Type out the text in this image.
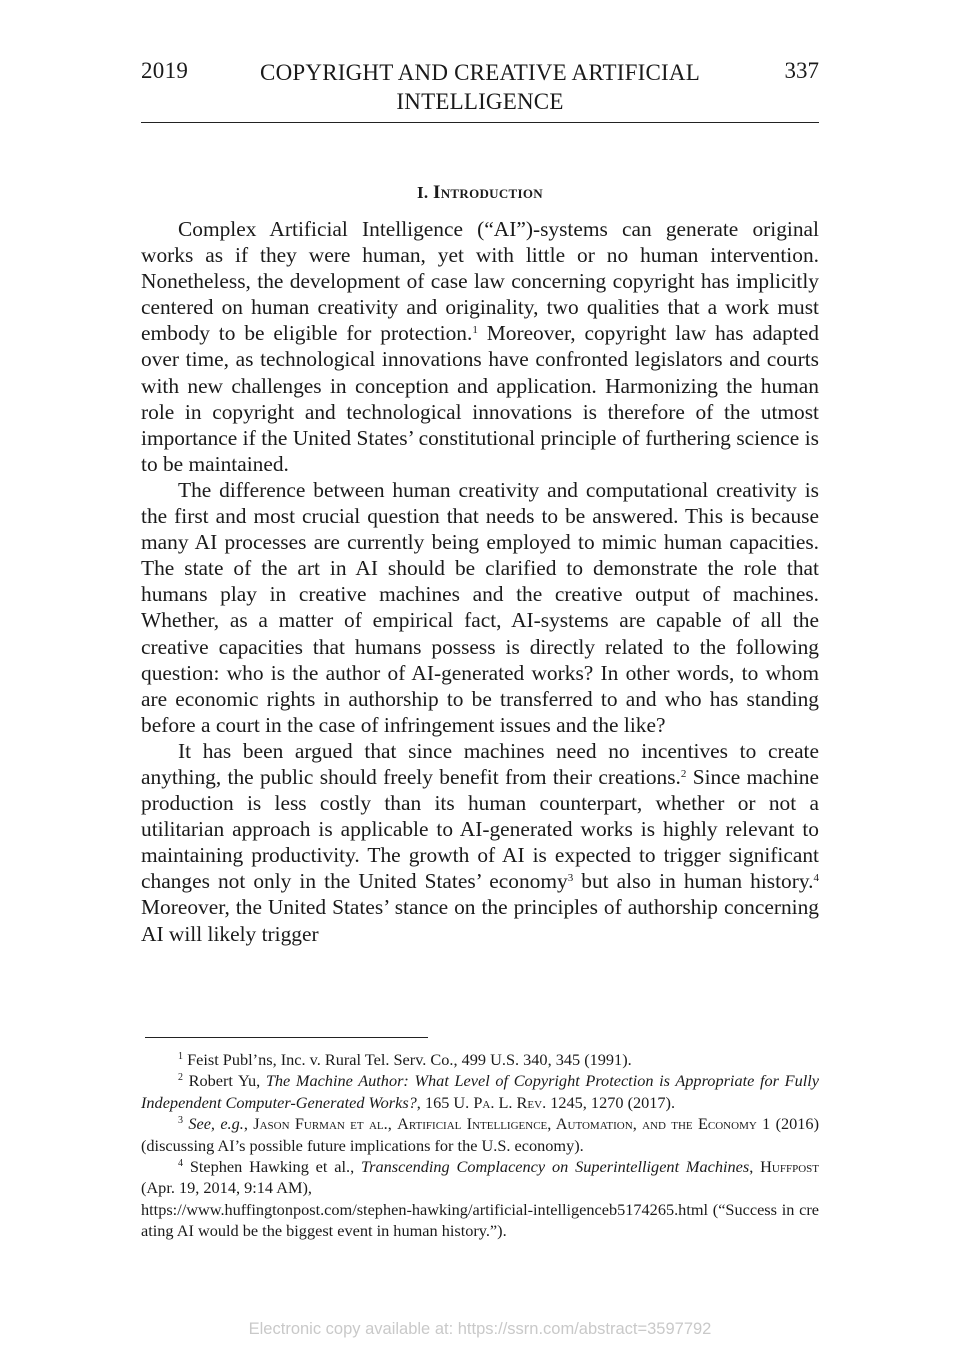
2019	COPYRIGHT AND CREATIVE ARTIFICIAL
INTELLIGENCE
337
I. Introduction

Complex Artificial Intelligence (“AI”)-systems can generate original works as if they were human, yet with little or no human intervention. Nonetheless, the development of case law concerning copyright has implicitly centered on human creativity and originality, two qualities that a work must embody to be eligible for protection.$^1$ Moreover, copyright law has adapted over time, as technological innovations have confronted legislators and courts with new challenges in conception and application. Harmonizing the human role in copyright and technological innovations is therefore of the utmost importance if the United States’ constitutional principle of furthering science is to be maintained.

The difference between human creativity and computational creativity is the first and most crucial question that needs to be answered. This is because many AI processes are currently being employed to mimic human capacities. The state of the art in AI should be clarified to demonstrate the role that humans play in creative machines and the creative output of machines. Whether, as a matter of empirical fact, AI-systems are capable of all the creative capacities that humans possess is directly related to the following question: who is the author of AI-generated works? In other words, to whom are economic rights in authorship to be transferred to and who has standing before a court in the case of infringement issues and the like?

It has been argued that since machines need no incentives to create anything, the public should freely benefit from their creations.$^2$ Since machine production is less costly than its human counterpart, whether or not a utilitarian approach is applicable to AI-generated works is highly relevant to maintaining productivity. The growth of AI is expected to trigger significant changes not only in the United States’ economy$^3$ but also in human history.$^4$ Moreover, the United States’ stance on the principles of authorship concerning AI will likely trigger

$^1$ Feist Publ’ns, Inc. v. Rural Tel. Serv. Co., 499 U.S. 340, 345 (1991).

$^2$ Robert Yu, The Machine Author: What Level of Copyright Protection is Appropriate for Fully Independent Computer-Generated Works?, 165 U. Pa. L. Rev. 1245, 1270 (2017).

$^3$ See, e.g., Jason Furman et al., Artificial Intelligence, Automation, and the Economy 1 (2016) (discussing AI’s possible future implications for the U.S. economy).

$^4$ Stephen Hawking et al., Transcending Complacency on Superintelligent Machines, Huffpost (Apr. 19, 2014, 9:14 AM),

https://www.huffingtonpost.com/stephen-hawking/artificial-intelligenceb5174265.html (“Success in creating AI would be the biggest event in human history.”).

Electronic copy available at: https://ssrn.com/abstract=3597792
